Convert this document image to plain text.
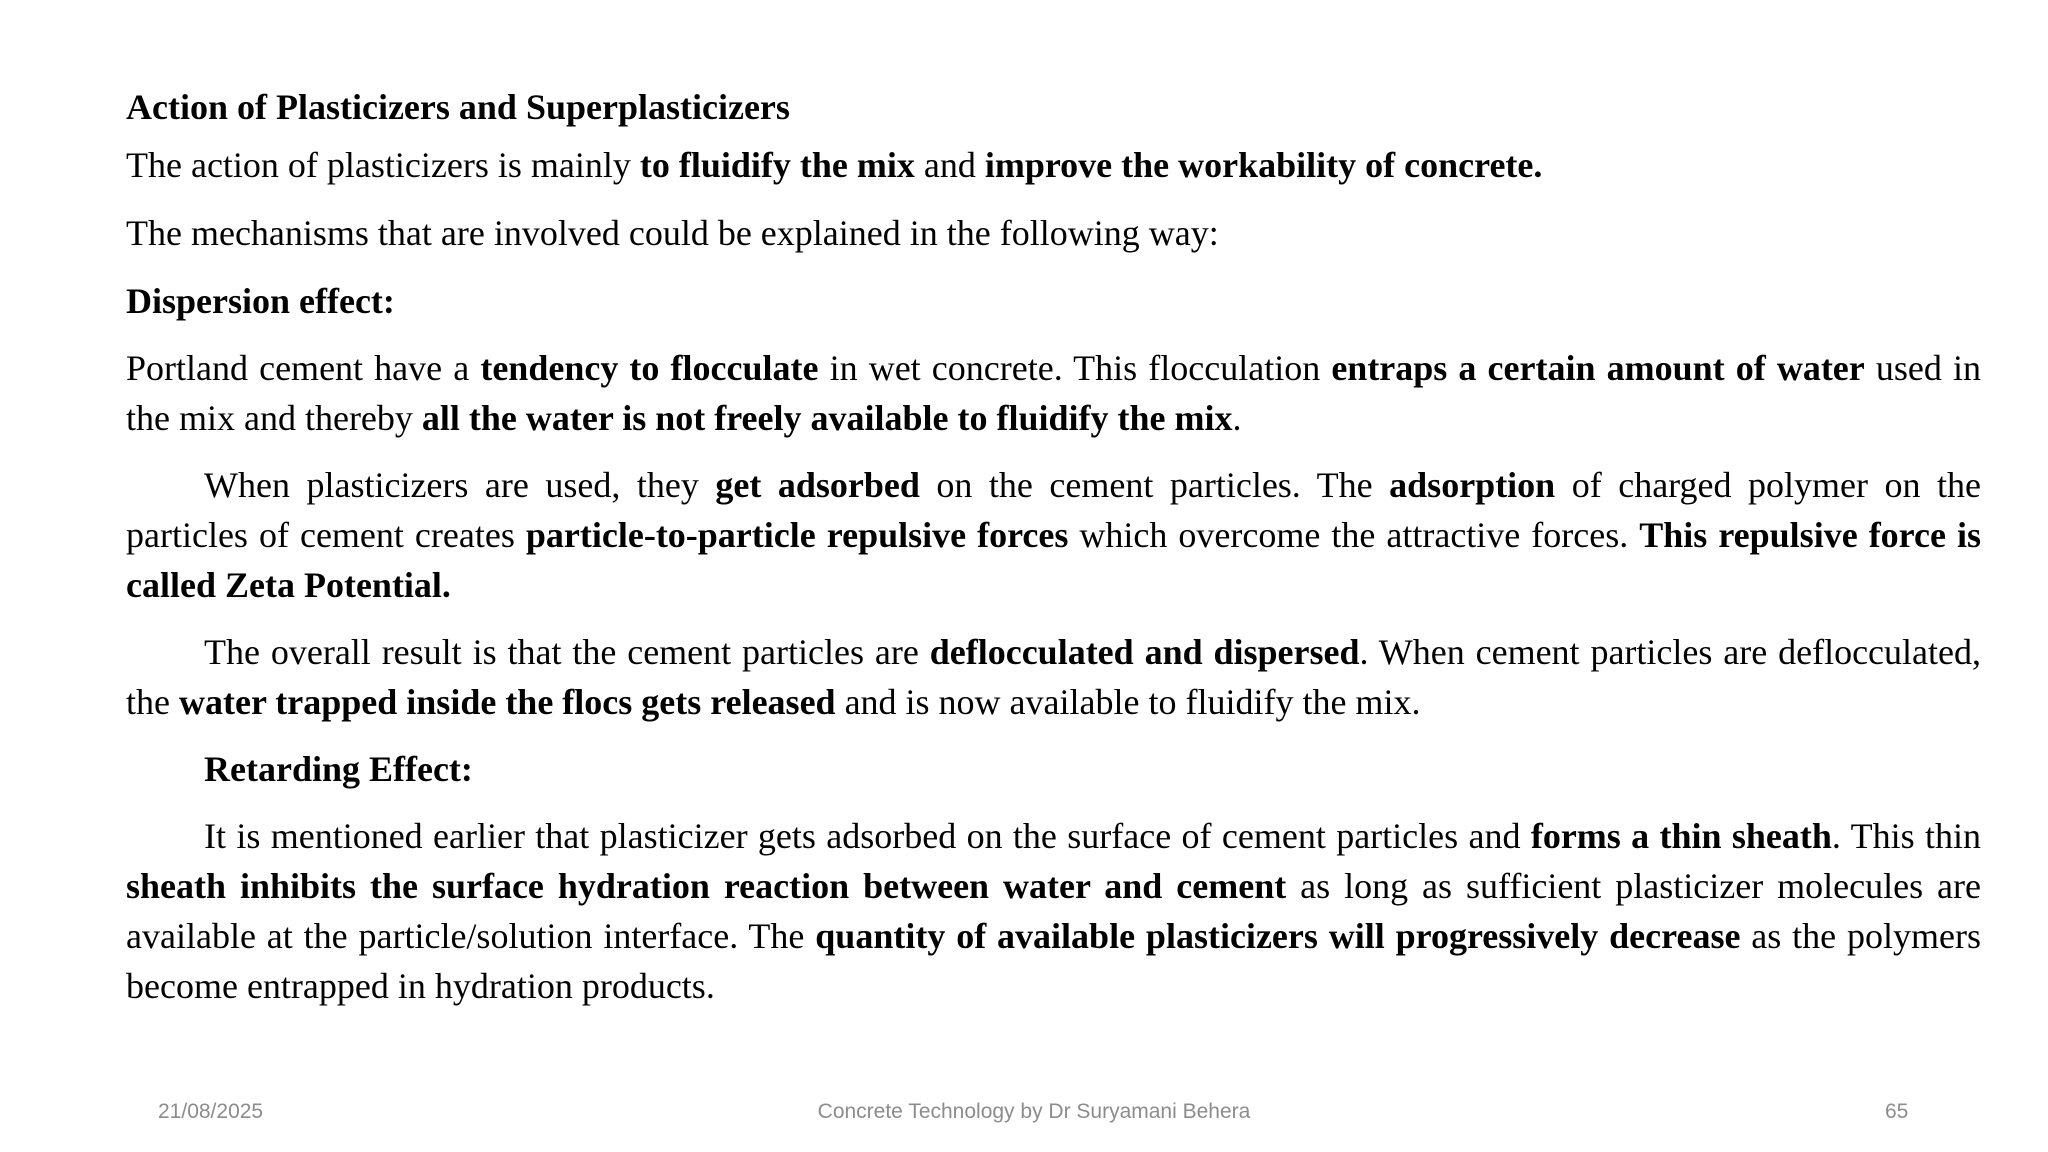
Action of Plasticizers and Superplasticizers

The action of plasticizers is mainly to fluidify the mix and improve the workability of concrete.

The mechanisms that are involved could be explained in the following way:

Dispersion effect:

Portland cement have a tendency to flocculate in wet concrete. This flocculation entraps a certain amount of water used in the mix and thereby all the water is not freely available to fluidify the mix.

When plasticizers are used, they get adsorbed on the cement particles. The adsorption of charged polymer on the particles of cement creates particle-to-particle repulsive forces which overcome the attractive forces. This repulsive force is called Zeta Potential.

The overall result is that the cement particles are deflocculated and dispersed. When cement particles are deflocculated, the water trapped inside the flocs gets released and is now available to fluidify the mix.

Retarding Effect:

It is mentioned earlier that plasticizer gets adsorbed on the surface of cement particles and forms a thin sheath. This thin sheath inhibits the surface hydration reaction between water and cement as long as sufficient plasticizer molecules are available at the particle/solution interface. The quantity of available plasticizers will progressively decrease as the polymers become entrapped in hydration products.

21/08/2025	Concrete Technology by Dr Suryamani Behera	65
